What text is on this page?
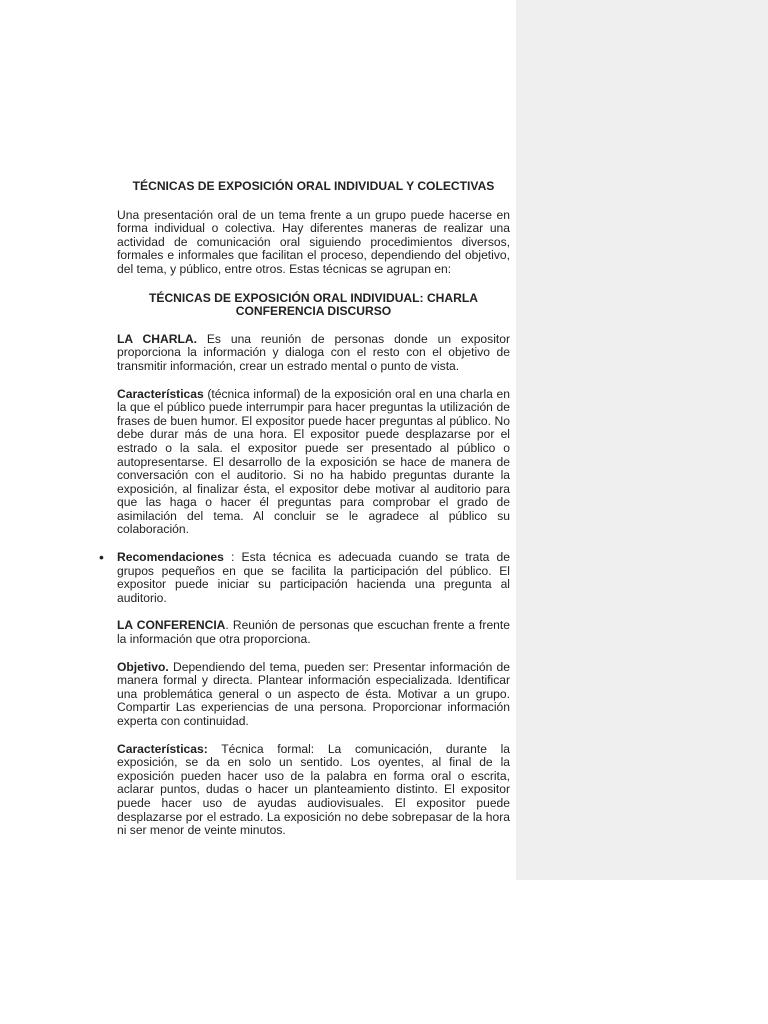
TÉCNICAS DE EXPOSICIÓN ORAL INDIVIDUAL Y COLECTIVAS

Una presentación oral de un tema frente a un grupo puede hacerse en forma individual o colectiva. Hay diferentes maneras de realizar una actividad de comunicación oral siguiendo procedimientos diversos, formales e informales que facilitan el proceso, dependiendo del objetivo, del tema, y público, entre otros. Estas técnicas se agrupan en:

TÉCNICAS DE EXPOSICIÓN ORAL INDIVIDUAL: CHARLA
CONFERENCIA DISCURSO

LA CHARLA. Es una reunión de personas donde un expositor proporciona la información y dialoga con el resto con el objetivo de transmitir información, crear un estrado mental o punto de vista.

Características (técnica informal) de la exposición oral en una charla en la que el público puede interrumpir para hacer preguntas la utilización de frases de buen humor. El expositor puede hacer preguntas al público. No debe durar más de una hora. El expositor puede desplazarse por el estrado o la sala. el expositor puede ser presentado al público o autopresentarse. El desarrollo de la exposición se hace de manera de conversación con el auditorio. Si no ha habido preguntas durante la exposición, al finalizar ésta, el expositor debe motivar al auditorio para que las haga o hacer él preguntas para comprobar el grado de asimilación del tema. Al concluir se le agradece al público su colaboración.

• Recomendaciones : Esta técnica es adecuada cuando se trata de grupos pequeños en que se facilita la participación del público. El expositor puede iniciar su participación hacienda una pregunta al auditorio.

LA CONFERENCIA. Reunión de personas que escuchan frente a frente la información que otra proporciona.

Objetivo. Dependiendo del tema, pueden ser: Presentar información de manera formal y directa. Plantear información especializada. Identificar una problemática general o un aspecto de ésta. Motivar a un grupo. Compartir Las experiencias de una persona. Proporcionar información experta con continuidad.

Características: Técnica formal: La comunicación, durante la exposición, se da en solo un sentido. Los oyentes, al final de la exposición pueden hacer uso de la palabra en forma oral o escrita, aclarar puntos, dudas o hacer un planteamiento distinto. El expositor puede hacer uso de ayudas audiovisuales. El expositor puede desplazarse por el estrado. La exposición no debe sobrepasar de la hora ni ser menor de veinte minutos.
